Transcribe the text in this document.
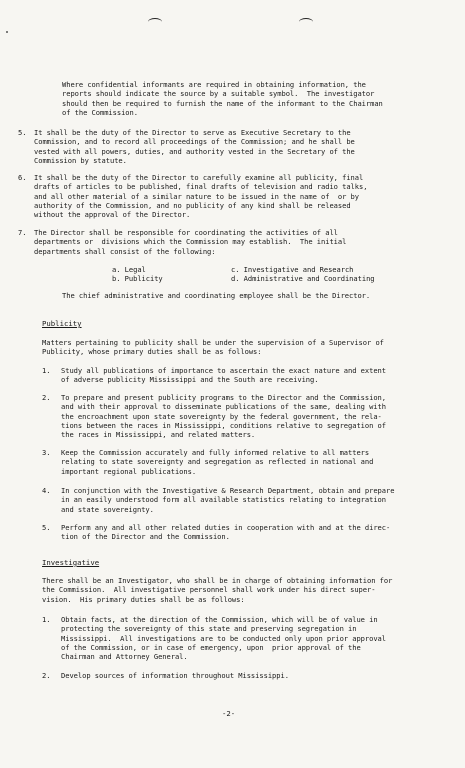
Where confidential informants are required in obtaining information, the
reports should indicate the source by a suitable symbol.  The investigator
should then be required to furnish the name of the informant to the Chairman
of the Commission.
5. It shall be the duty of the Director to serve as Executive Secretary to the
Commission, and to record all proceedings of the Commission; and he shall be
vested with all powers, duties, and authority vested in the Secretary of the
Commission by statute.
6. It shall be the duty of the Director to carefully examine all publicity, final
drafts of articles to be published, final drafts of television and radio talks,
and all other material of a similar nature to be issued in the name of  or by
authority of the Commission, and no publicity of any kind shall be released
without the approval of the Director.
7. The Director shall be responsible for coordinating the activities of all
departments or  divisions which the Commission may establish.  The initial
departments shall consist of the following:
a. Legal
b. Publicity
c. Investigative and Research
d. Administrative and Coordinating
The chief administrative and coordinating employee shall be the Director.
Publicity
Matters pertaining to publicity shall be under the supervision of a Supervisor of
Publicity, whose primary duties shall be as follows:
1. Study all publications of importance to ascertain the exact nature and extent
of adverse publicity Mississippi and the South are receiving.
2. To prepare and present publicity programs to the Director and the Commission,
and with their approval to disseminate publications of the same, dealing with
the encroachment upon state sovereignty by the federal government, the rela-
tions between the races in Mississippi, conditions relative to segregation of
the races in Mississippi, and related matters.
3. Keep the Commission accurately and fully informed relative to all matters
relating to state sovereignty and segregation as reflected in national and
important regional publications.
4. In conjunction with the Investigative & Research Department, obtain and prepare
in an easily understood form all available statistics relating to integration
and state sovereignty.
5. Perform any and all other related duties in cooperation with and at the direc-
tion of the Director and the Commission.
Investigative
There shall be an Investigator, who shall be in charge of obtaining information for
the Commission.  All investigative personnel shall work under his direct super-
vision.  His primary duties shall be as follows:
1. Obtain facts, at the direction of the Commission, which will be of value in
protecting the sovereignty of this state and preserving segregation in
Mississippi.  All investigations are to be conducted only upon prior approval
of the Commission, or in case of emergency, upon  prior approval of the
Chairman and Attorney General.
2. Develop sources of information throughout Mississippi.
-2-
